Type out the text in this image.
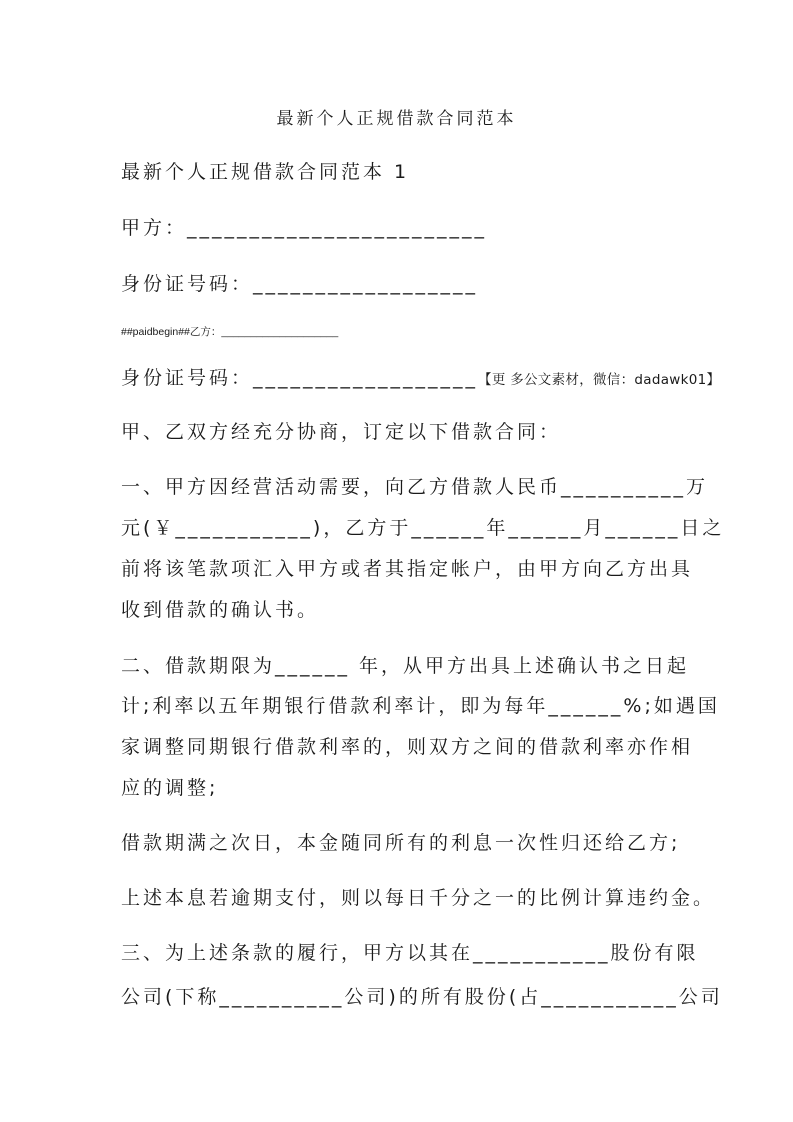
最新个人正规借款合同范本
最新个人正规借款合同范本 1
甲方：________________________
身份证号码：__________________
##paidbegin##乙方：____________________
身份证号码：__________________【更 多公文素材，微信：dadawk01】
甲、乙双方经充分协商，订定以下借款合同：
一、甲方因经营活动需要，向乙方借款人民币__________万
元(￥___________)，乙方于______年______月______日之
前将该笔款项汇入甲方或者其指定帐户，由甲方向乙方出具
收到借款的确认书。
二、借款期限为______ 年，从甲方出具上述确认书之日起
计;利率以五年期银行借款利率计，即为每年______%;如遇国
家调整同期银行借款利率的，则双方之间的借款利率亦作相
应的调整;
借款期满之次日，本金随同所有的利息一次性归还给乙方;
上述本息若逾期支付，则以每日千分之一的比例计算违约金。
三、为上述条款的履行，甲方以其在___________股份有限
公司(下称__________公司)的所有股份(占___________公司
